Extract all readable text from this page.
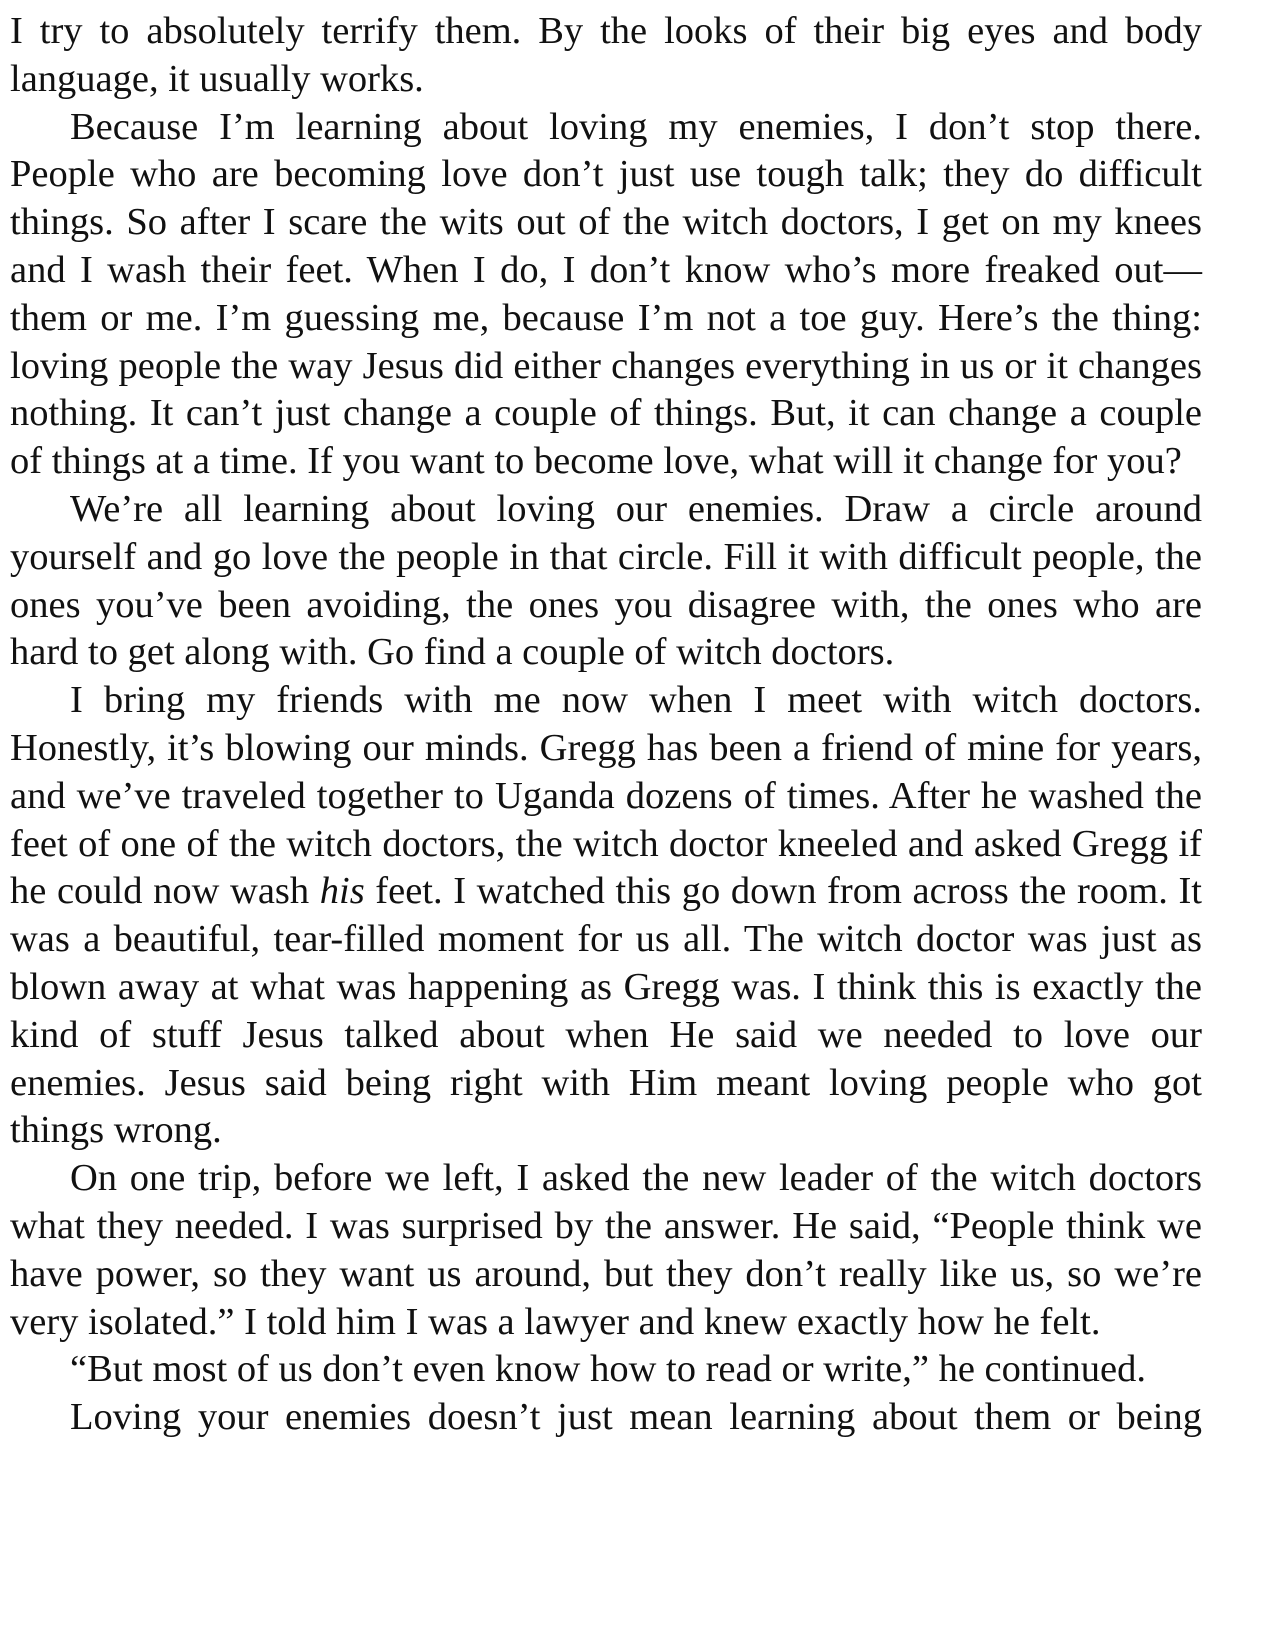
I try to absolutely terrify them. By the looks of their big eyes and body language, it usually works.

Because I’m learning about loving my enemies, I don’t stop there. People who are becoming love don’t just use tough talk; they do difficult things. So after I scare the wits out of the witch doctors, I get on my knees and I wash their feet. When I do, I don’t know who’s more freaked out—them or me. I’m guessing me, because I’m not a toe guy. Here’s the thing: loving people the way Jesus did either changes everything in us or it changes nothing. It can’t just change a couple of things. But, it can change a couple of things at a time. If you want to become love, what will it change for you?

We’re all learning about loving our enemies. Draw a circle around yourself and go love the people in that circle. Fill it with difficult people, the ones you’ve been avoiding, the ones you disagree with, the ones who are hard to get along with. Go find a couple of witch doctors.

I bring my friends with me now when I meet with witch doctors. Honestly, it’s blowing our minds. Gregg has been a friend of mine for years, and we’ve traveled together to Uganda dozens of times. After he washed the feet of one of the witch doctors, the witch doctor kneeled and asked Gregg if he could now wash his feet. I watched this go down from across the room. It was a beautiful, tear-filled moment for us all. The witch doctor was just as blown away at what was happening as Gregg was. I think this is exactly the kind of stuff Jesus talked about when He said we needed to love our enemies. Jesus said being right with Him meant loving people who got things wrong.

On one trip, before we left, I asked the new leader of the witch doctors what they needed. I was surprised by the answer. He said, “People think we have power, so they want us around, but they don’t really like us, so we’re very isolated.” I told him I was a lawyer and knew exactly how he felt.

“But most of us don’t even know how to read or write,” he continued.

Loving your enemies doesn’t just mean learning about them or being
